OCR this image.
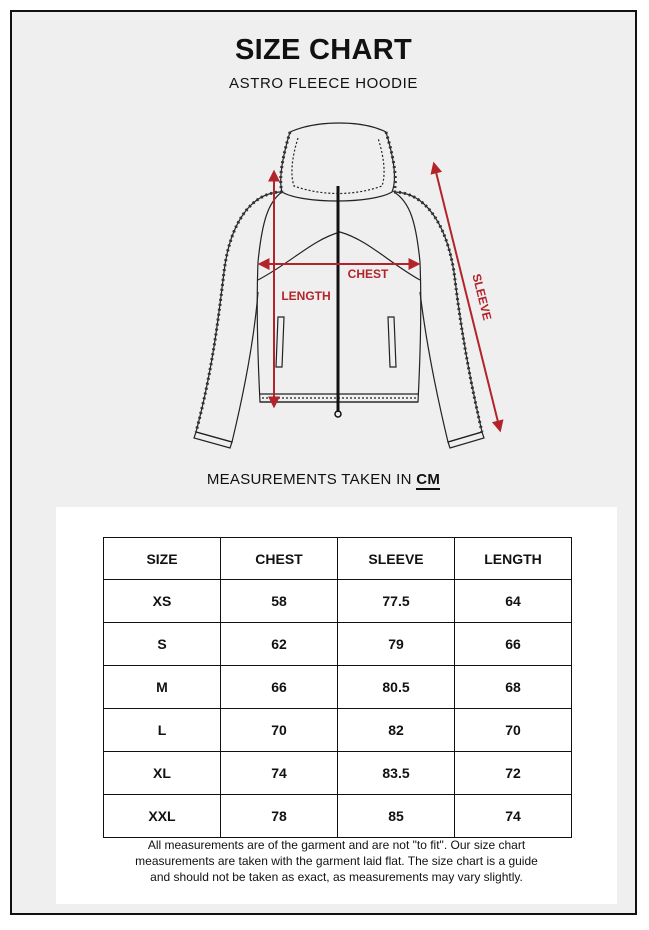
SIZE CHART
ASTRO FLEECE HOODIE
CHEST
LENGTH	SLEEVE
MEASUREMENTS TAKEN IN CM
SIZE	CHEST	SLEEVE	LENGTH
XS	58	77.5	64
S	62	79	66
M	66	80.5	68
L	70	82	70
XL	74	83.5	72
XXL	78	85	74
All measurements are of the garment and are not "to fit". Our size chart
measurements are taken with the garment laid flat. The size chart is a guide
and should not be taken as exact, as measurements may vary slightly.
